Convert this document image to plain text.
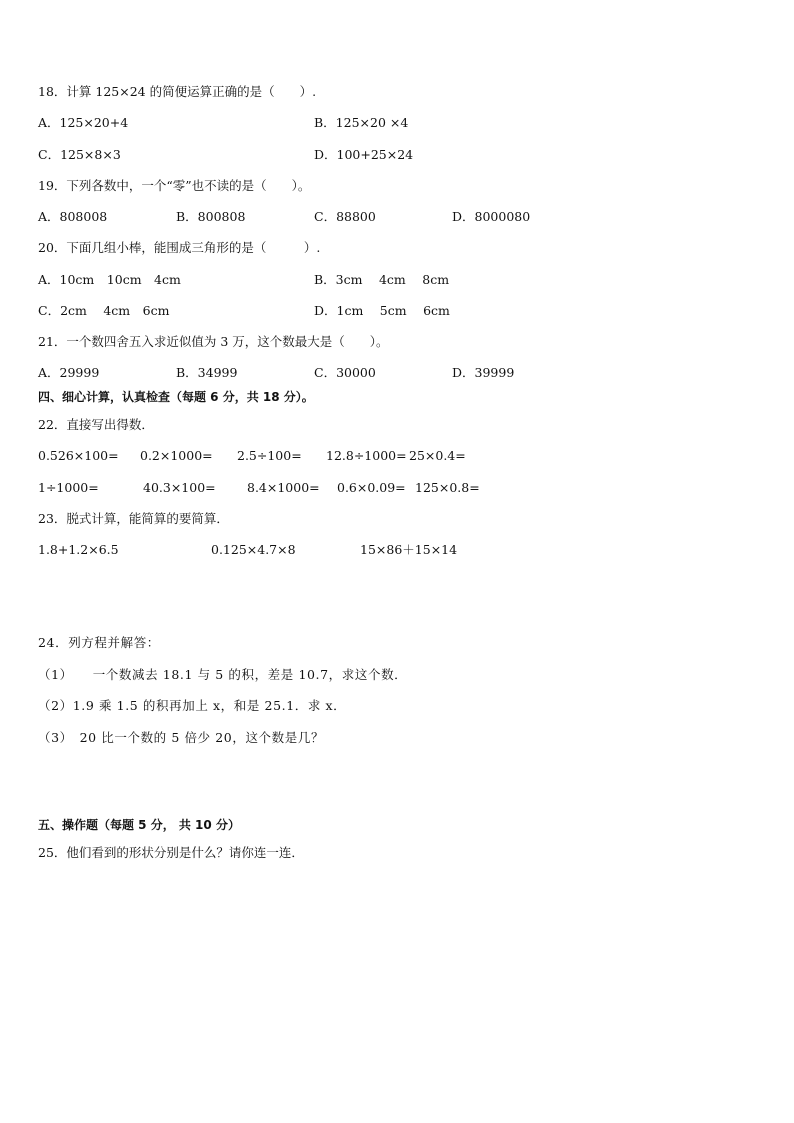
18．计算 125×24 的简便运算正确的是（　　）.
A．125×20+4	B．125×20 ×4
C．125×8×3	D．100+25×24
19．下列各数中，一个“零”也不读的是（　　）。
A．808008	B．800808	C．88800	D．8000080
20．下面几组小棒，能围成三角形的是（　　　）.
A．10cm　10cm　4cm	B．3cm　 4cm　 8cm
C．2cm　 4cm　6cm	D．1cm　 5cm　 6cm
21．一个数四舍五入求近似值为 3 万，这个数最大是（　　）。
A．29999	B．34999	C．30000	D．39999
四、细心计算，认真检查（每题 6 分，共 18 分）。
22．直接写出得数．
0.526×100= 0.2×1000= 2.5÷100= 12.8÷1000= 25×0.4=
1÷1000=	40.3×100=	8.4×1000= 0.6×0.09= 125×0.8=
23．脱式计算，能简算的要简算．
1.8+1.2×6.5	0.125×4.7×8	15×86＋15×14
24．列方程并解答：
（1）　　一个数减去 18.1 与 5 的积，差是 10.7，求这个数．
（2）1.9 乘 1.5 的积再加上 x，和是 25.1．求 x．
（3）　20 比一个数的 5 倍少 20，这个数是几？
五、操作题（每题 5 分， 共 10 分）
25．他们看到的形状分别是什么？请你连一连．
